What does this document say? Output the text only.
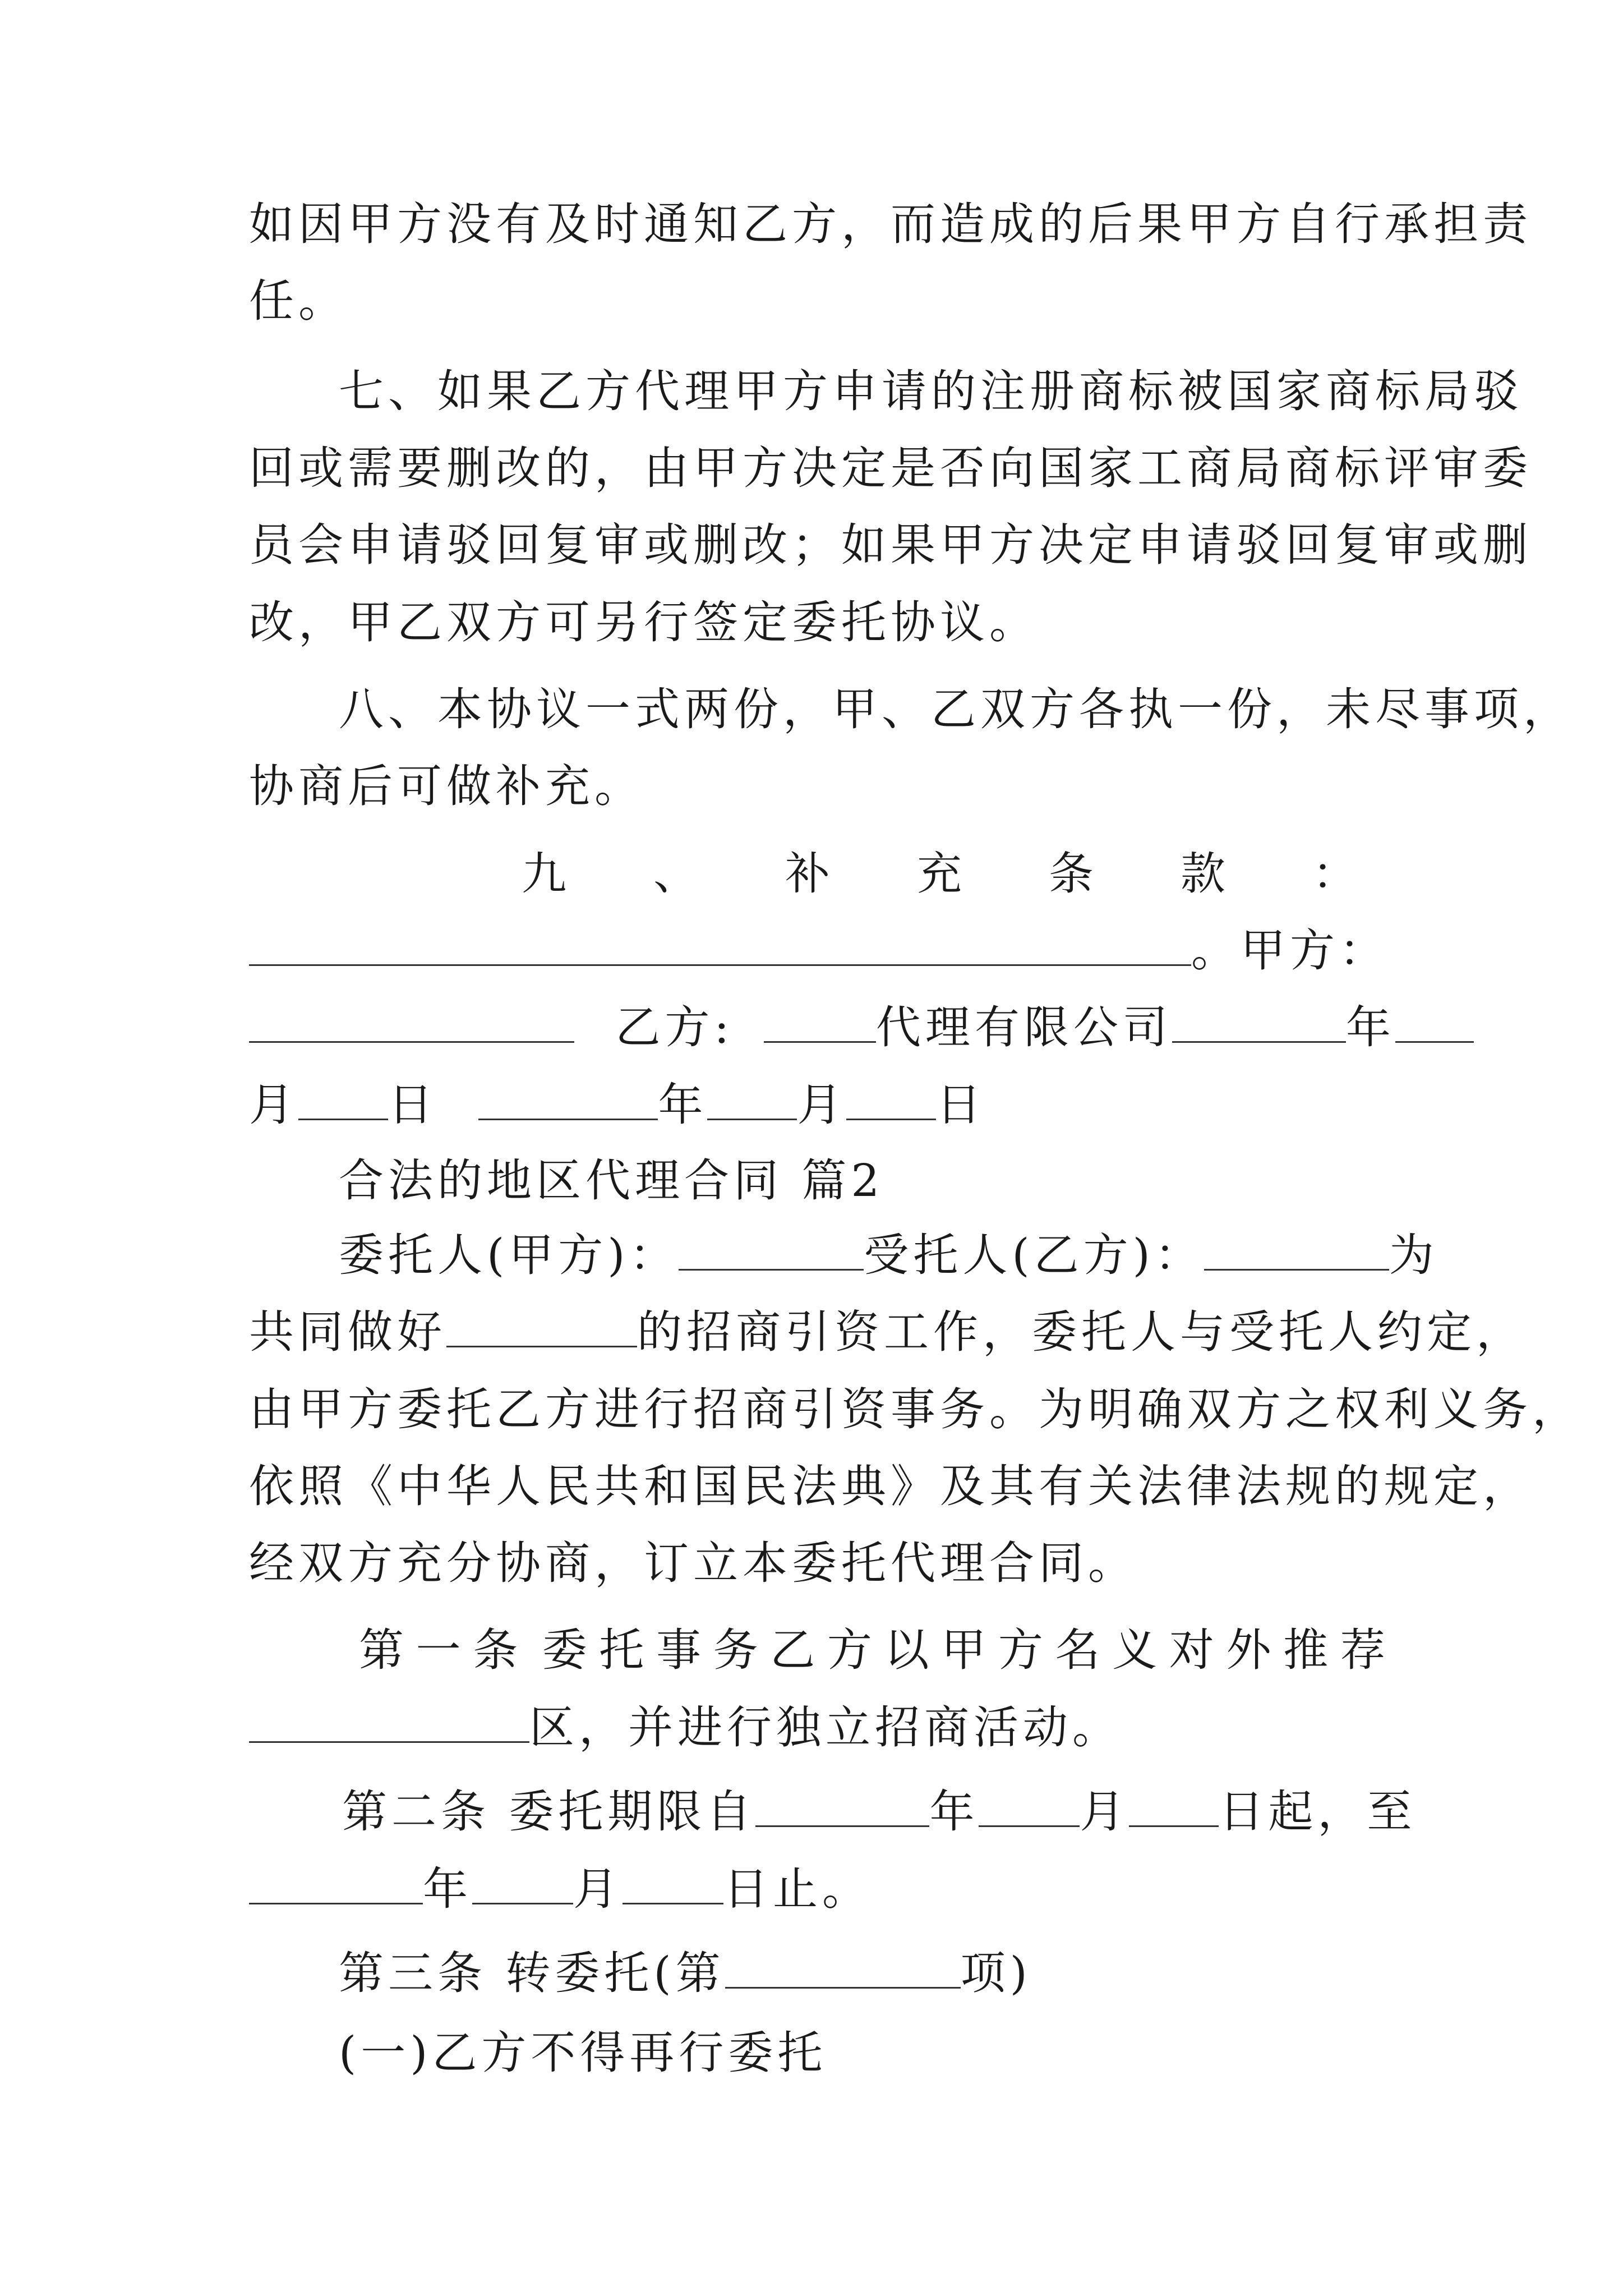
如因甲方没有及时通知乙方，而造成的后果甲方自行承担责
任。
七、如果乙方代理甲方申请的注册商标被国家商标局驳
回或需要删改的，由甲方决定是否向国家工商局商标评审委
员会申请驳回复审或删改；如果甲方决定申请驳回复审或删
改，甲乙双方可另行签定委托协议。
八、本协议一式两份，甲、乙双方各执一份，未尽事项，
协商后可做补充。
九 、 补 充 条 款 ：
。甲方：
乙方:	代理有限公司	年
月 日	年 月 日
合法的地区代理合同 篇2
委托人(甲方)：	受托人(乙方)：	为
共同做好	的招商引资工作，委托人与受托人约定，
由甲方委托乙方进行招商引资事务。为明确双方之权利义务，
依照《中华人民共和国民法典》及其有关法律法规的规定，
经双方充分协商，订立本委托代理合同。
第 一 条 委 托 事 务 乙 方 以 甲 方 名 义 对 外 推 荐
区，并进行独立招商活动。
第二条 委托期限自	年 月 日起，至
年 月 日止。
第三条 转委托(第	项)
(一)乙方不得再行委托
